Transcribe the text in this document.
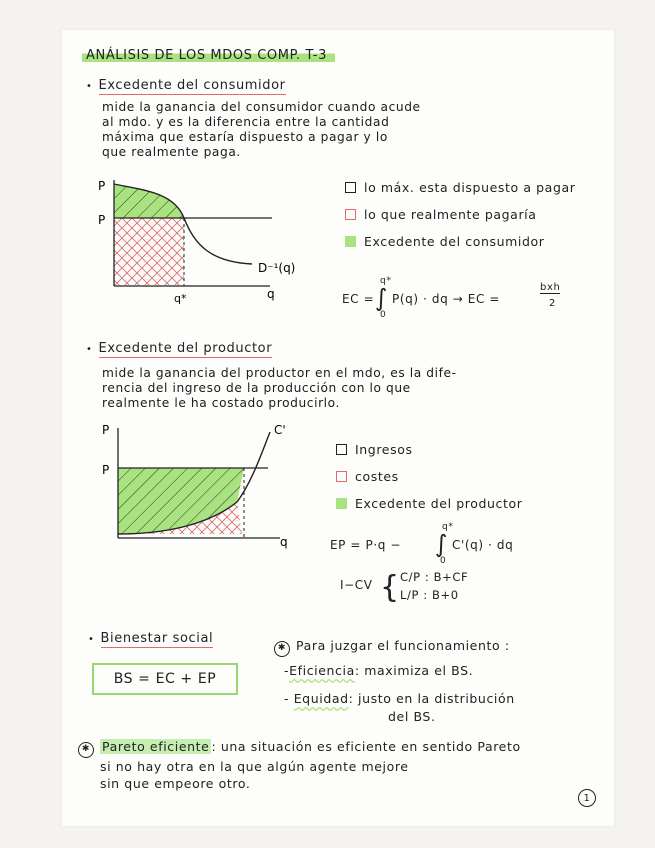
ANÁLISIS DE LOS MDOS COMP. T-3
• Excedente del consumidor
mide la ganancia del consumidor cuando acude
al mdo. y es la diferencia entre la cantidad
máxima que estaría dispuesto a pagar y lo
que realmente paga.
P
P
D⁻¹(q)
q*	q
lo máx. esta dispuesto a pagar
lo que realmente pagaría
Excedente del consumidor
EC =
q*
∫
0
P(q) · dq → EC =
bxh
2
• Excedente del productor
mide la ganancia del productor en el mdo, es la dife-
rencia del ingreso de la producción con lo que
realmente le ha costado producirlo.
P
P
C'
q
Ingresos
costes
Excedente del productor
EP = P·q −
q*
∫
0
C'(q) · dq
I−CV { C/P : B+CF
L/P : B+0
• Bienestar social
BS = EC + EP
✱ Para juzgar el funcionamiento :
-Eficiencia: maximiza el BS.
- Equidad: justo en la distribución
del BS.
✱ Pareto eficiente : una situación es eficiente en sentido Pareto
si no hay otra en la que algún agente mejore
sin que empeore otro.
1
